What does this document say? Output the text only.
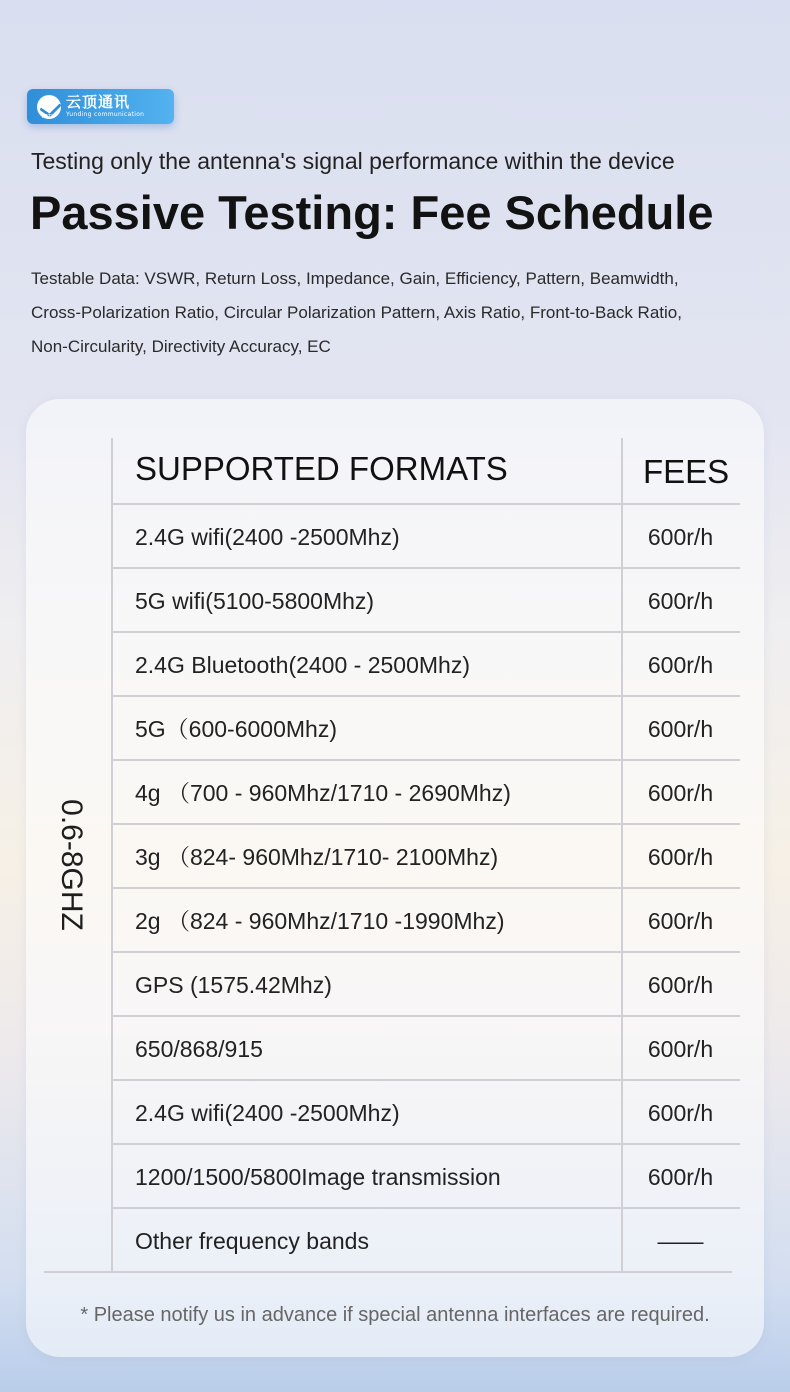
云顶通讯
Yunding communication
YDTX
Testing only the antenna's signal performance within the device
Passive Testing: Fee Schedule
Testable Data: VSWR, Return Loss, Impedance, Gain, Efficiency, Pattern, Beamwidth,
Cross-Polarization Ratio, Circular Polarization Pattern, Axis Ratio, Front-to-Back Ratio,
Non-Circularity, Directivity Accuracy, EC
0.6-8GHZ
SUPPORTED FORMATS	FEES
2.4G wifi(2400 -2500Mhz)	600r/h
5G wifi(5100-5800Mhz)	600r/h
2.4G Bluetooth(2400 - 2500Mhz)	600r/h
5G（600-6000Mhz)	600r/h
4g （700 - 960Mhz/1710 - 2690Mhz)	600r/h
3g （824- 960Mhz/1710- 2100Mhz)	600r/h
2g （824 - 960Mhz/1710 -1990Mhz)	600r/h
GPS (1575.42Mhz)	600r/h
650/868/915	600r/h
2.4G wifi(2400 -2500Mhz)	600r/h
1200/1500/5800Image transmission	600r/h
Other frequency bands	——
* Please notify us in advance if special antenna interfaces are required.
